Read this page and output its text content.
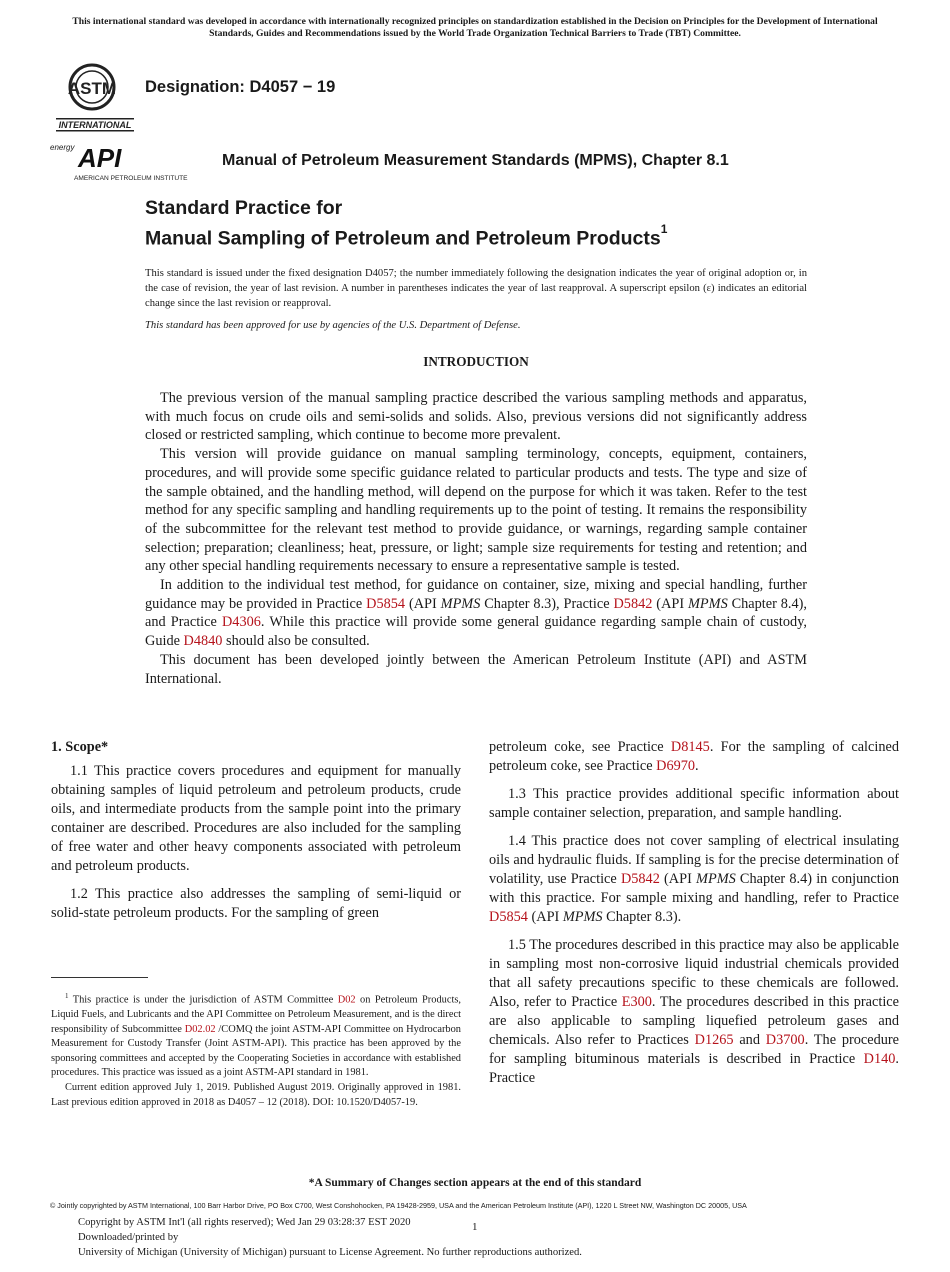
This international standard was developed in accordance with internationally recognized principles on standardization established in the Decision on Principles for the Development of International Standards, Guides and Recommendations issued by the World Trade Organization Technical Barriers to Trade (TBT) Committee.
ASTM
INTERNATIONAL
Designation: D4057 − 19
energy API
AMERICAN PETROLEUM INSTITUTE
Manual of Petroleum Measurement Standards (MPMS), Chapter 8.1
Standard Practice for
Manual Sampling of Petroleum and Petroleum Products$^1$
This standard is issued under the fixed designation D4057; the number immediately following the designation indicates the year of original adoption or, in the case of revision, the year of last revision. A number in parentheses indicates the year of last reapproval. A superscript epsilon (ε) indicates an editorial change since the last revision or reapproval.
This standard has been approved for use by agencies of the U.S. Department of Defense.
INTRODUCTION

The previous version of the manual sampling practice described the various sampling methods and apparatus, with much focus on crude oils and semi-solids and solids. Also, previous versions did not significantly address closed or restricted sampling, which continue to become more prevalent.

This version will provide guidance on manual sampling terminology, concepts, equipment, containers, procedures, and will provide some specific guidance related to particular products and tests. The type and size of the sample obtained, and the handling method, will depend on the purpose for which it was taken. Refer to the test method for any specific sampling and handling requirements up to the point of testing. It remains the responsibility of the subcommittee for the relevant test method to provide guidance, or warnings, regarding sample container selection; preparation; cleanliness; heat, pressure, or light; sample size requirements for testing and retention; and any other special handling requirements necessary to ensure a representative sample is tested.

In addition to the individual test method, for guidance on container, size, mixing and special handling, further guidance may be provided in Practice D5854 (API MPMS Chapter 8.3), Practice D5842 (API MPMS Chapter 8.4), and Practice D4306. While this practice will provide some general guidance regarding sample chain of custody, Guide D4840 should also be consulted.

This document has been developed jointly between the American Petroleum Institute (API) and ASTM International.

1. Scope*

1.1 This practice covers procedures and equipment for manually obtaining samples of liquid petroleum and petroleum products, crude oils, and intermediate products from the sample point into the primary container are described. Procedures are also included for the sampling of free water and other heavy components associated with petroleum and petroleum products.

1.2 This practice also addresses the sampling of semi-liquid or solid-state petroleum products. For the sampling of green

$^1$ This practice is under the jurisdiction of ASTM Committee D02 on Petroleum Products, Liquid Fuels, and Lubricants and the API Committee on Petroleum Measurement, and is the direct responsibility of Subcommittee D02.02 /COMQ the joint ASTM-API Committee on Hydrocarbon Measurement for Custody Transfer (Joint ASTM-API). This practice has been approved by the sponsoring committees and accepted by the Cooperating Societies in accordance with established procedures. This practice was issued as a joint ASTM-API standard in 1981.

Current edition approved July 1, 2019. Published August 2019. Originally approved in 1981. Last previous edition approved in 2018 as D4057 – 12 (2018). DOI: 10.1520/D4057-19.

petroleum coke, see Practice D8145. For the sampling of calcined petroleum coke, see Practice D6970.

1.3 This practice provides additional specific information about sample container selection, preparation, and sample handling.

1.4 This practice does not cover sampling of electrical insulating oils and hydraulic fluids. If sampling is for the precise determination of volatility, use Practice D5842 (API MPMS Chapter 8.4) in conjunction with this practice. For sample mixing and handling, refer to Practice D5854 (API MPMS Chapter 8.3).

1.5 The procedures described in this practice may also be applicable in sampling most non-corrosive liquid industrial chemicals provided that all safety precautions specific to these chemicals are followed. Also, refer to Practice E300. The procedures described in this practice are also applicable to sampling liquefied petroleum gases and chemicals. Also refer to Practices D1265 and D3700. The procedure for sampling bituminous materials is described in Practice D140. Practice

*A Summary of Changes section appears at the end of this standard
© Jointly copyrighted by ASTM International, 100 Barr Harbor Drive, PO Box C700, West Conshohocken, PA 19428-2959, USA and the American Petroleum Institute (API), 1220 L Street NW, Washington DC 20005, USA
Copyright by ASTM Int'l (all rights reserved); Wed Jan 29 03:28:37 EST 2020
Downloaded/printed by
University of Michigan (University of Michigan) pursuant to License Agreement. No further reproductions authorized.
1
